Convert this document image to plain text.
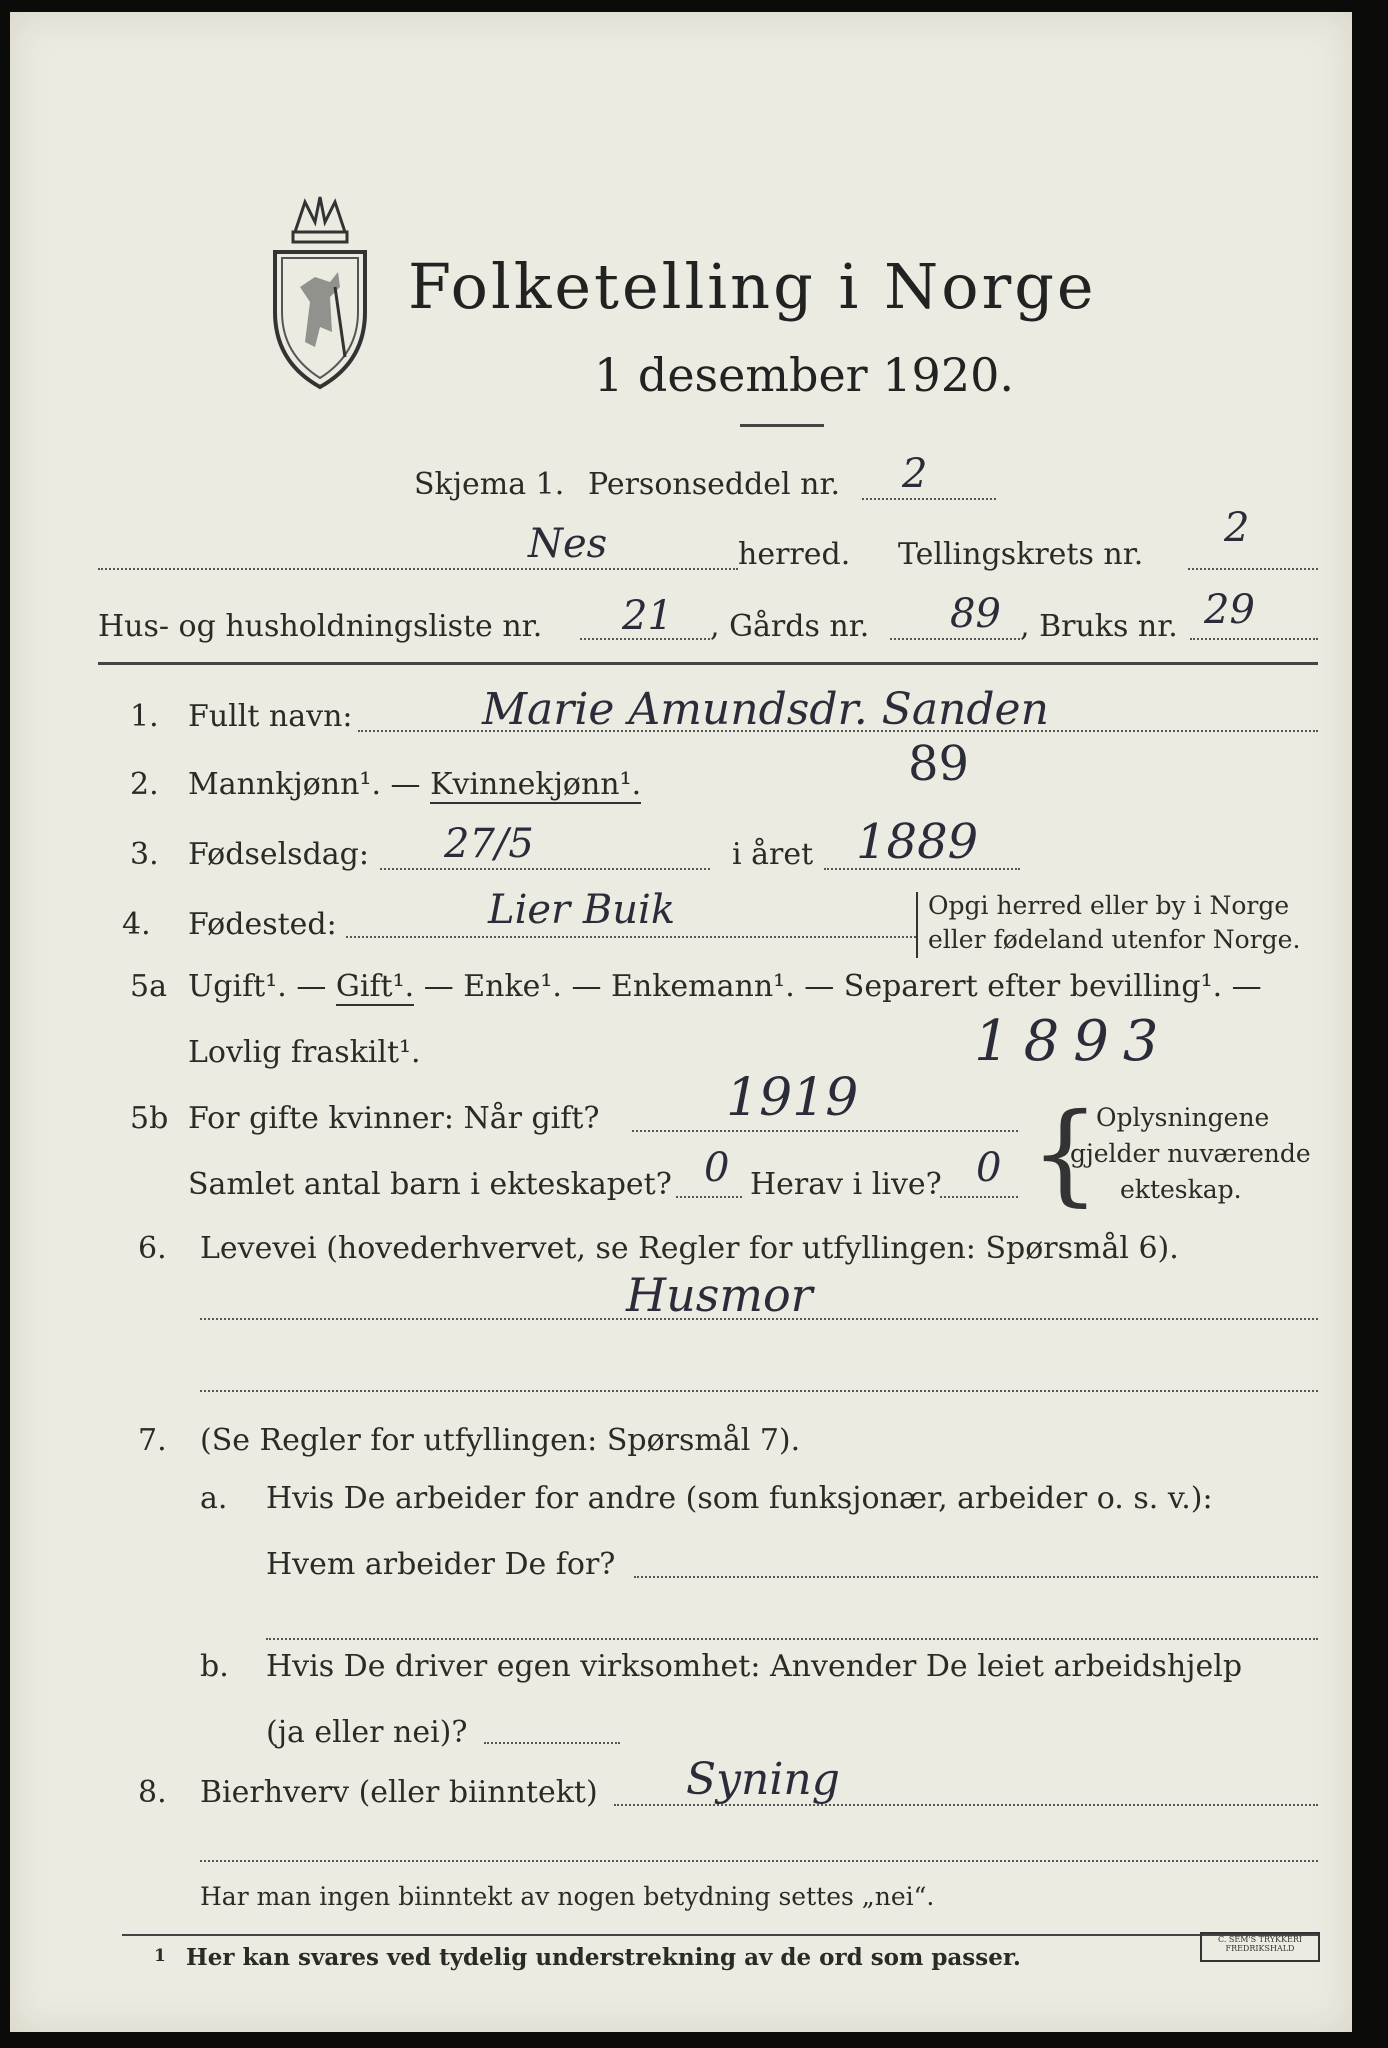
Folketelling i Norge
1 desember 1920.
Skjema 1. Personseddel nr. 2
Nes	herred. Tellingskrets nr.
2
Hus- og husholdningsliste nr. 21 , Gårds nr. 89 , Bruks nr. 29
1. Fullt navn:	Marie Amundsdr. Sanden
2. Mannkjønn¹. — Kvinnekjønn¹.	89
3. Fødselsdag: 27/5	i året 1889
4. Fødested:	Lier Buik	Opgi herred eller by i Norge
eller fødeland utenfor Norge.
5a Ugift¹. — Gift¹. — Enke¹. — Enkemann¹. — Separert efter bevilling¹. —
Lovlig fraskilt¹.	1893
5b For gifte kvinner: Når gift? 1919
Samlet antal barn i ekteskapet? 0 Herav i live? 0 {
Oplysningene
gjelder nuværende
ekteskap.
6. Levevei (hovederhvervet, se Regler for utfyllingen: Spørsmål 6).
Husmor
7. (Se Regler for utfyllingen: Spørsmål 7).
a. Hvis De arbeider for andre (som funksjonær, arbeider o. s. v.):
Hvem arbeider De for?
b. Hvis De driver egen virksomhet: Anvender De leiet arbeidshjelp
(ja eller nei)?
8. Bierhverv (eller biinntekt) Syning
Har man ingen biinntekt av nogen betydning settes „nei“.
1 Her kan svares ved tydelig understrekning av de ord som passer.
C. SEM'S TRYKKERI
FREDRIKSHALD
